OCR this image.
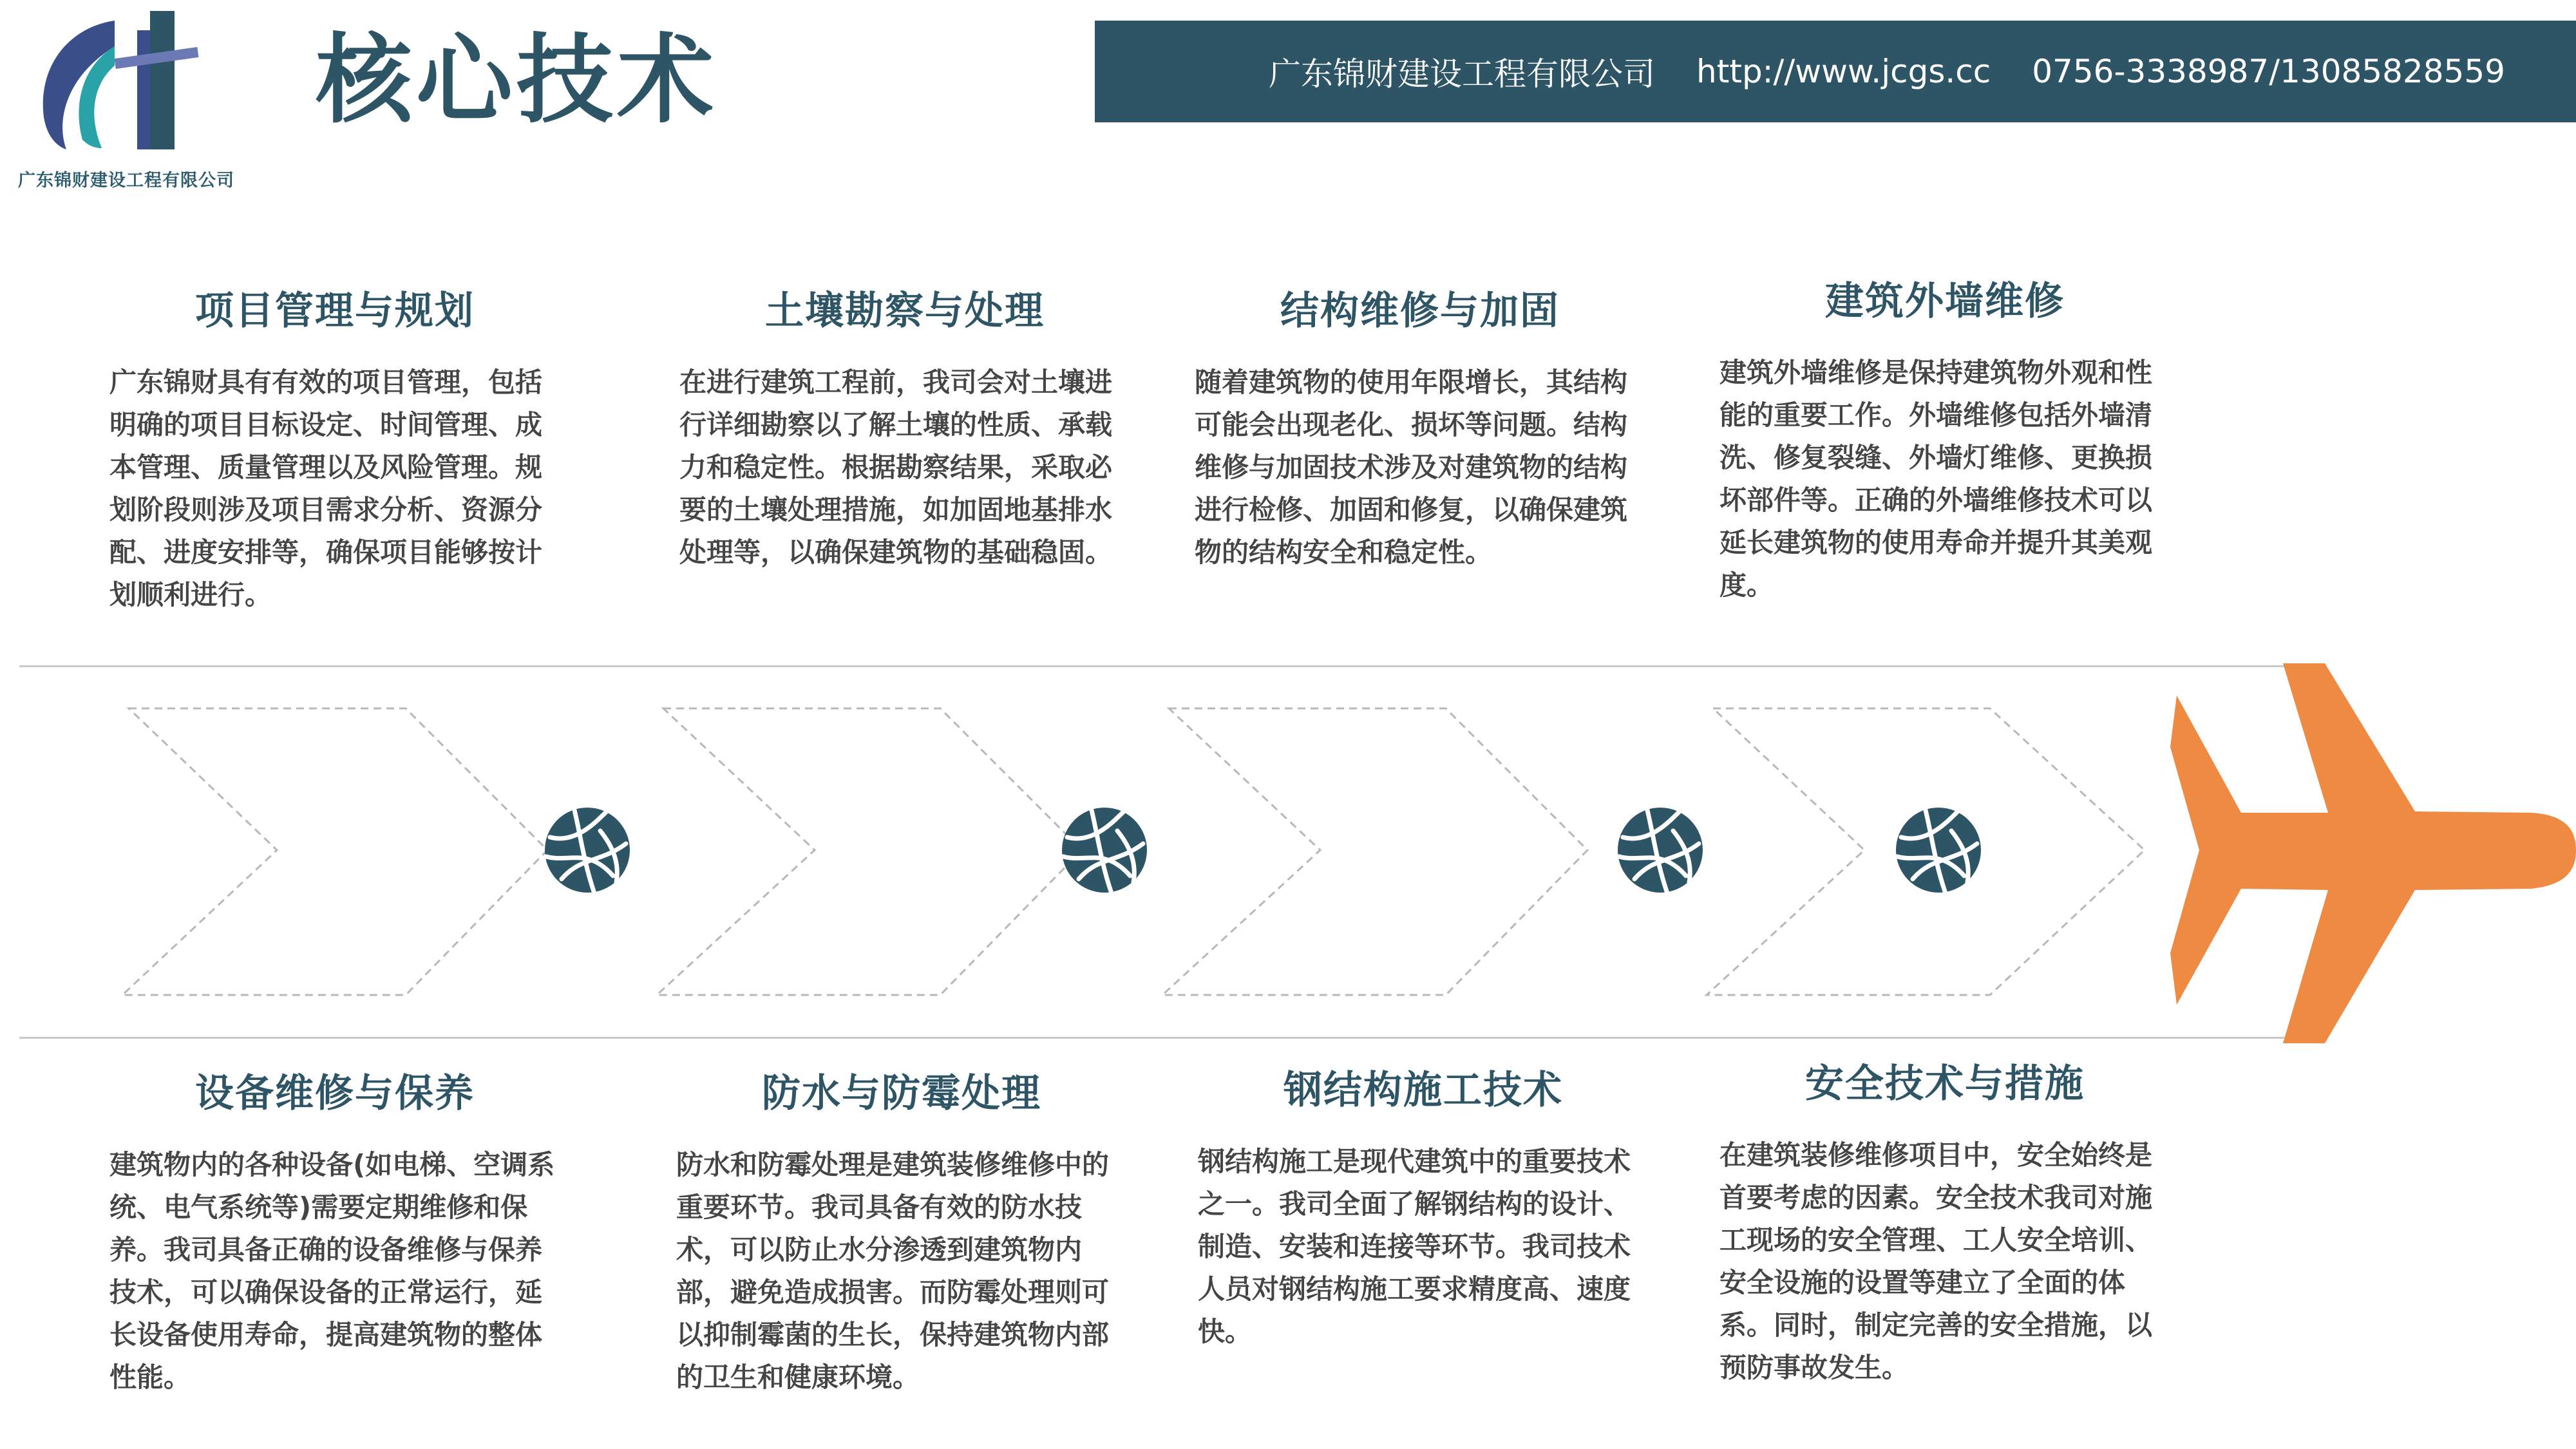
广东锦财建设工程有限公司
核心技术	广东锦财建设工程有限公司 http://www.jcgs.cc 0756-3338987/13085828559
项目管理与规划
广东锦财具有有效的项目管理，包括明确的项目目标设定、时间管理、成本管理、质量管理以及风险管理。规划阶段则涉及项目需求分析、资源分配、进度安排等，确保项目能够按计划顺利进行。
土壤勘察与处理
在进行建筑工程前，我司会对土壤进行详细勘察以了解土壤的性质、承载力和稳定性。根据勘察结果，采取必要的土壤处理措施，如加固地基排水处理等，以确保建筑物的基础稳固。
结构维修与加固
随着建筑物的使用年限增长，其结构可能会出现老化、损坏等问题。结构维修与加固技术涉及对建筑物的结构进行检修、加固和修复，以确保建筑物的结构安全和稳定性。
建筑外墙维修
建筑外墙维修是保持建筑物外观和性能的重要工作。外墙维修包括外墙清洗、修复裂缝、外墙灯维修、更换损坏部件等。正确的外墙维修技术可以延长建筑物的使用寿命并提升其美观度。
设备维修与保养
建筑物内的各种设备(如电梯、空调系统、电气系统等)需要定期维修和保养。我司具备正确的设备维修与保养技术，可以确保设备的正常运行，延长设备使用寿命，提高建筑物的整体性能。
防水与防霉处理
防水和防霉处理是建筑装修维修中的重要环节。我司具备有效的防水技术，可以防止水分渗透到建筑物内部，避免造成损害。而防霉处理则可以抑制霉菌的生长，保持建筑物内部的卫生和健康环境。
钢结构施工技术
钢结构施工是现代建筑中的重要技术之一。我司全面了解钢结构的设计、制造、安装和连接等环节。我司技术人员对钢结构施工要求精度高、速度快。
安全技术与措施
在建筑装修维修项目中，安全始终是首要考虑的因素。安全技术我司对施工现场的安全管理、工人安全培训、安全设施的设置等建立了全面的体系。同时，制定完善的安全措施，以预防事故发生。
